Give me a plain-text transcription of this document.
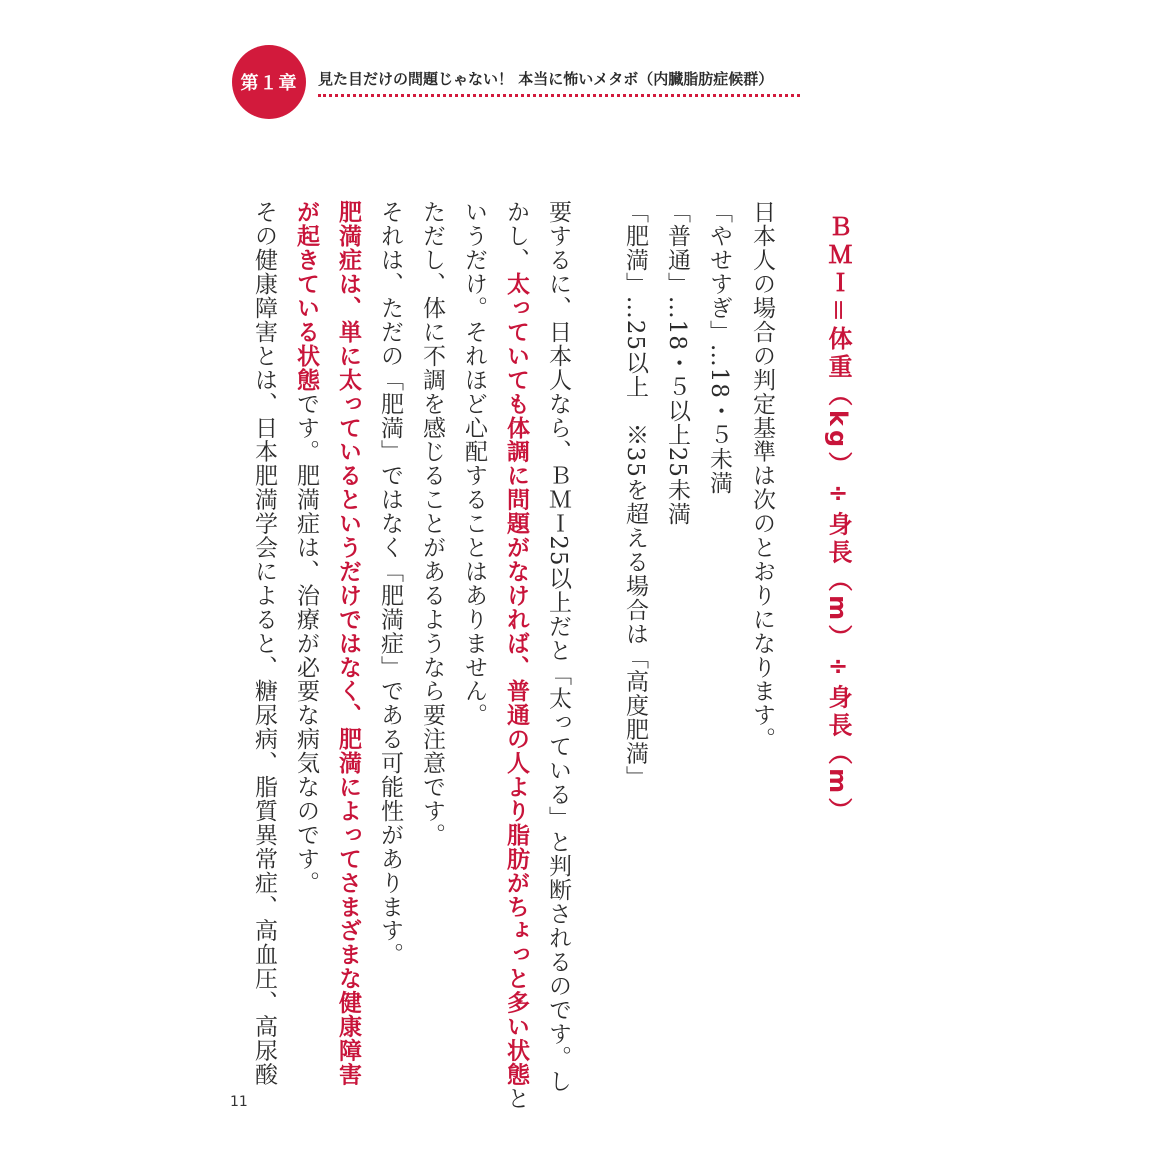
第１章	見た目だけの問題じゃない！ 本当に怖いメタボ（内臓脂肪症候群）
ＢＭＩ＝体重（kg）÷身長（m）÷身長（m）
日本人の場合の判定基準は次のとおりになります。
「やせすぎ」…18・５未満
「普通」…18・５以上25未満
「肥満」…25以上　※35を超える場合は「高度肥満」
要するに、日本人なら、ＢＭＩ25以上だと「太っている」と判断されるのです。し
かし、太っていても体調に問題がなければ、普通の人より脂肪がちょっと多い状態と
いうだけ。それほど心配することはありません。
ただし、体に不調を感じることがあるようなら要注意です。
それは、ただの「肥満」ではなく「肥満症」である可能性があります。
肥満症は、単に太っているというだけではなく、肥満によってさまざまな健康障害
が起きている状態です。肥満症は、治療が必要な病気なのです。
その健康障害とは、日本肥満学会によると、糖尿病、脂質異常症、高血圧、高尿酸
11
